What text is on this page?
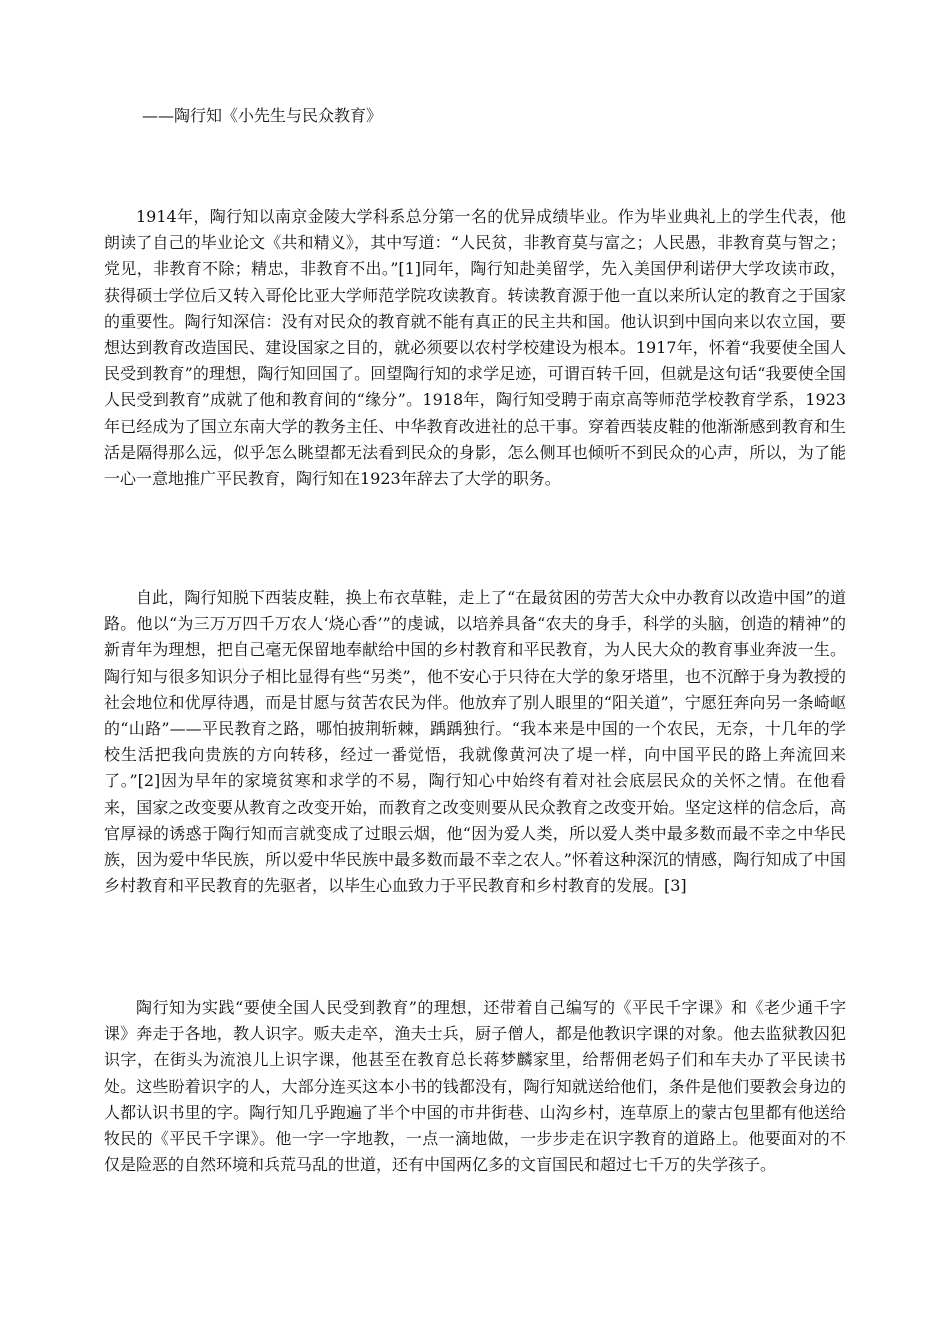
——陶行知《小先生与民众教育》

1914年，陶行知以南京金陵大学科系总分第一名的优异成绩毕业。作为毕业典礼上的学生代表，他朗读了自己的毕业论文《共和精义》，其中写道：“人民贫，非教育莫与富之；人民愚，非教育莫与智之；党见，非教育不除；精忠，非教育不出。”[1]同年，陶行知赴美留学，先入美国伊利诺伊大学攻读市政，获得硕士学位后又转入哥伦比亚大学师范学院攻读教育。转读教育源于他一直以来所认定的教育之于国家的重要性。陶行知深信：没有对民众的教育就不能有真正的民主共和国。他认识到中国向来以农立国，要想达到教育改造国民、建设国家之目的，就必须要以农村学校建设为根本。1917年，怀着“我要使全国人民受到教育”的理想，陶行知回国了。回望陶行知的求学足迹，可谓百转千回，但就是这句话“我要使全国人民受到教育”成就了他和教育间的“缘分”。1918年，陶行知受聘于南京高等师范学校教育学系，1923年已经成为了国立东南大学的教务主任、中华教育改进社的总干事。穿着西装皮鞋的他渐渐感到教育和生活是隔得那么远，似乎怎么眺望都无法看到民众的身影，怎么侧耳也倾听不到民众的心声，所以，为了能一心一意地推广平民教育，陶行知在1923年辞去了大学的职务。

自此，陶行知脱下西装皮鞋，换上布衣草鞋，走上了“在最贫困的劳苦大众中办教育以改造中国”的道路。他以“为三万万四千万农人‘烧心香’”的虔诚，以培养具备“农夫的身手，科学的头脑，创造的精神”的新青年为理想，把自己毫无保留地奉献给中国的乡村教育和平民教育，为人民大众的教育事业奔波一生。陶行知与很多知识分子相比显得有些“另类”，他不安心于只待在大学的象牙塔里，也不沉醉于身为教授的社会地位和优厚待遇，而是甘愿与贫苦农民为伴。他放弃了别人眼里的“阳关道”，宁愿狂奔向另一条崎岖的“山路”——平民教育之路，哪怕披荆斩棘，踽踽独行。“我本来是中国的一个农民，无奈，十几年的学校生活把我向贵族的方向转移，经过一番觉悟，我就像黄河决了堤一样，向中国平民的路上奔流回来了。”[2]因为早年的家境贫寒和求学的不易，陶行知心中始终有着对社会底层民众的关怀之情。在他看来，国家之改变要从教育之改变开始，而教育之改变则要从民众教育之改变开始。坚定这样的信念后，高官厚禄的诱惑于陶行知而言就变成了过眼云烟，他“因为爱人类，所以爱人类中最多数而最不幸之中华民族，因为爱中华民族，所以爱中华民族中最多数而最不幸之农人。”怀着这种深沉的情感，陶行知成了中国乡村教育和平民教育的先驱者，以毕生心血致力于平民教育和乡村教育的发展。[3]

陶行知为实践“要使全国人民受到教育”的理想，还带着自己编写的《平民千字课》和《老少通千字课》奔走于各地，教人识字。贩夫走卒，渔夫士兵，厨子僧人，都是他教识字课的对象。他去监狱教囚犯识字，在街头为流浪儿上识字课，他甚至在教育总长蒋梦麟家里，给帮佣老妈子们和车夫办了平民读书处。这些盼着识字的人，大部分连买这本小书的钱都没有，陶行知就送给他们，条件是他们要教会身边的人都认识书里的字。陶行知几乎跑遍了半个中国的市井街巷、山沟乡村，连草原上的蒙古包里都有他送给牧民的《平民千字课》。他一字一字地教，一点一滴地做，一步步走在识字教育的道路上。他要面对的不仅是险恶的自然环境和兵荒马乱的世道，还有中国两亿多的文盲国民和超过七千万的失学孩子。
